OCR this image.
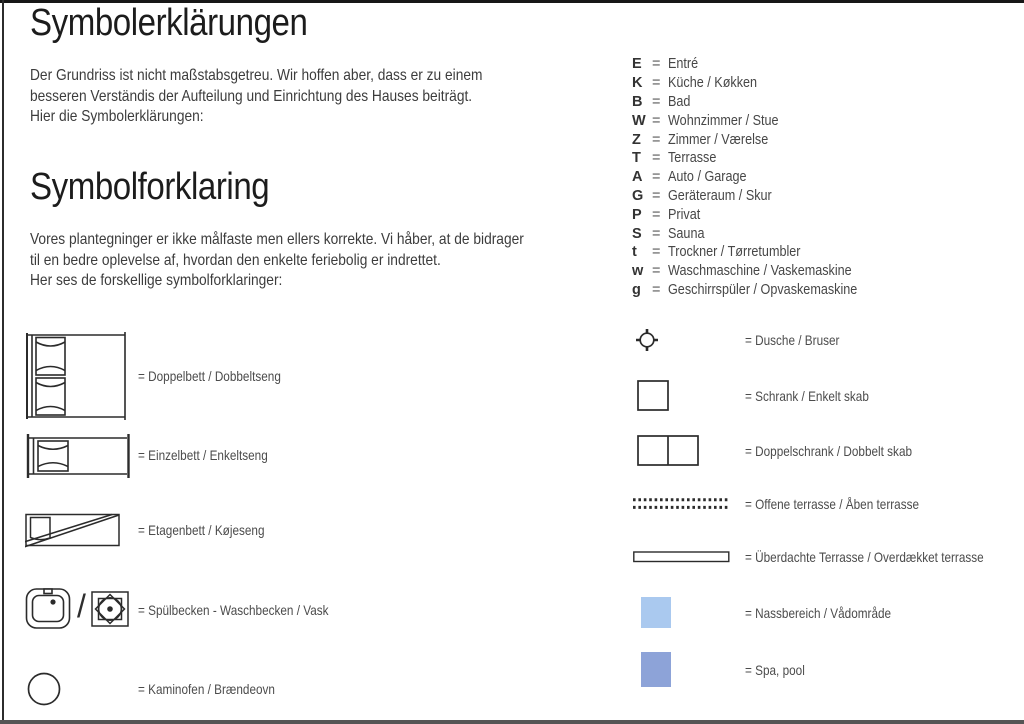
Symbolerklärungen
Der Grundriss ist nicht maßstabsgetreu. Wir hoffen aber, dass er zu einem
besseren Verständis der Aufteilung und Einrichtung des Hauses beiträgt.
Hier die Symbolerklärungen:
Symbolforklaring
Vores plantegninger er ikke målfaste men ellers korrekte. Vi håber, at de bidrager
til en bedre oplevelse af, hvordan den enkelte feriebolig er indrettet.
Her ses de forskellige symbolforklaringer:
E = Entré
K = Küche / Køkken
B = Bad
W = Wohnzimmer / Stue
Z = Zimmer / Værelse
T = Terrasse
A = Auto / Garage
G = Geräteraum / Skur
P = Privat
S = Sauna
t	= Trockner / Tørretumbler
w = Waschmaschine / Vaskemaskine
g = Geschirrspüler / Opvaskemaskine
= Doppelbett / Dobbeltseng
= Einzelbett / Enkeltseng
= Etagenbett / Køjeseng
/	= Spülbecken - Waschbecken / Vask
= Kaminofen / Brændeovn
= Dusche / Bruser
= Schrank / Enkelt skab
= Doppelschrank / Dobbelt skab
= Offene terrasse / Åben terrasse
= Überdachte Terrasse / Overdækket terrasse
= Nassbereich / Vådområde
= Spa, pool
